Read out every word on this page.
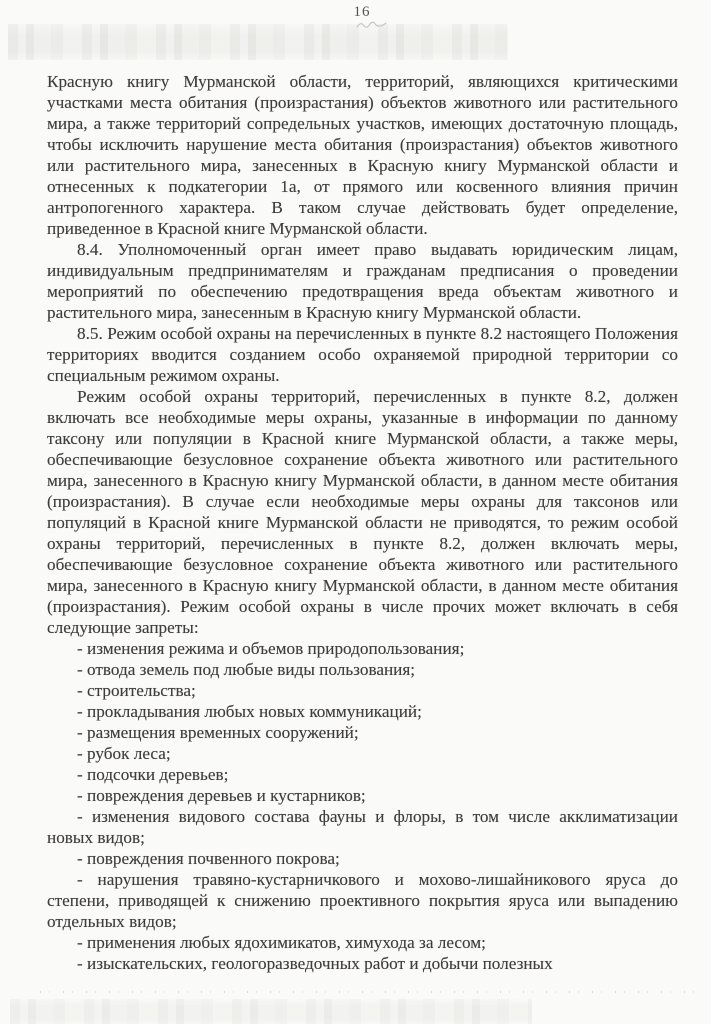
16

Красную книгу Мурманской области, территорий, являющихся критическими участками места обитания (произрастания) объектов животного или растительного мира, а также территорий сопредельных участков, имеющих достаточную площадь, чтобы исключить нарушение места обитания (произрастания) объектов животного или растительного мира, занесенных в Красную книгу Мурманской области и отнесенных к подкатегории 1а, от прямого или косвенного влияния причин антропогенного характера. В таком случае действовать будет определение, приведенное в Красной книге Мурманской области.

8.4. Уполномоченный орган имеет право выдавать юридическим лицам, индивидуальным предпринимателям и гражданам предписания о проведении мероприятий по обеспечению предотвращения вреда объектам животного и растительного мира, занесенным в Красную книгу Мурманской области.

8.5. Режим особой охраны на перечисленных в пункте 8.2 настоящего Положения территориях вводится созданием особо охраняемой природной территории со специальным режимом охраны.

Режим особой охраны территорий, перечисленных в пункте 8.2, должен включать все необходимые меры охраны, указанные в информации по данному таксону или популяции в Красной книге Мурманской области, а также меры, обеспечивающие безусловное сохранение объекта животного или растительного мира, занесенного в Красную книгу Мурманской области, в данном месте обитания (произрастания). В случае если необходимые меры охраны для таксонов или популяций в Красной книге Мурманской области не приводятся, то режим особой охраны территорий, перечисленных в пункте 8.2, должен включать меры, обеспечивающие безусловное сохранение объекта животного или растительного мира, занесенного в Красную книгу Мурманской области, в данном месте обитания (произрастания). Режим особой охраны в числе прочих может включать в себя следующие запреты:

- изменения режима и объемов природопользования;

- отвода земель под любые виды пользования;

- строительства;

- прокладывания любых новых коммуникаций;

- размещения временных сооружений;

- рубок леса;

- подсочки деревьев;

- повреждения деревьев и кустарников;

- изменения видового состава фауны и флоры, в том числе акклиматизации новых видов;

- повреждения почвенного покрова;

- нарушения травяно-кустарничкового и мохово-лишайникового яруса до степени, приводящей к снижению проективного покрытия яруса или выпадению отдельных видов;

- применения любых ядохимикатов, химухода за лесом;

- изыскательских, геологоразведочных работ и добычи полезных
